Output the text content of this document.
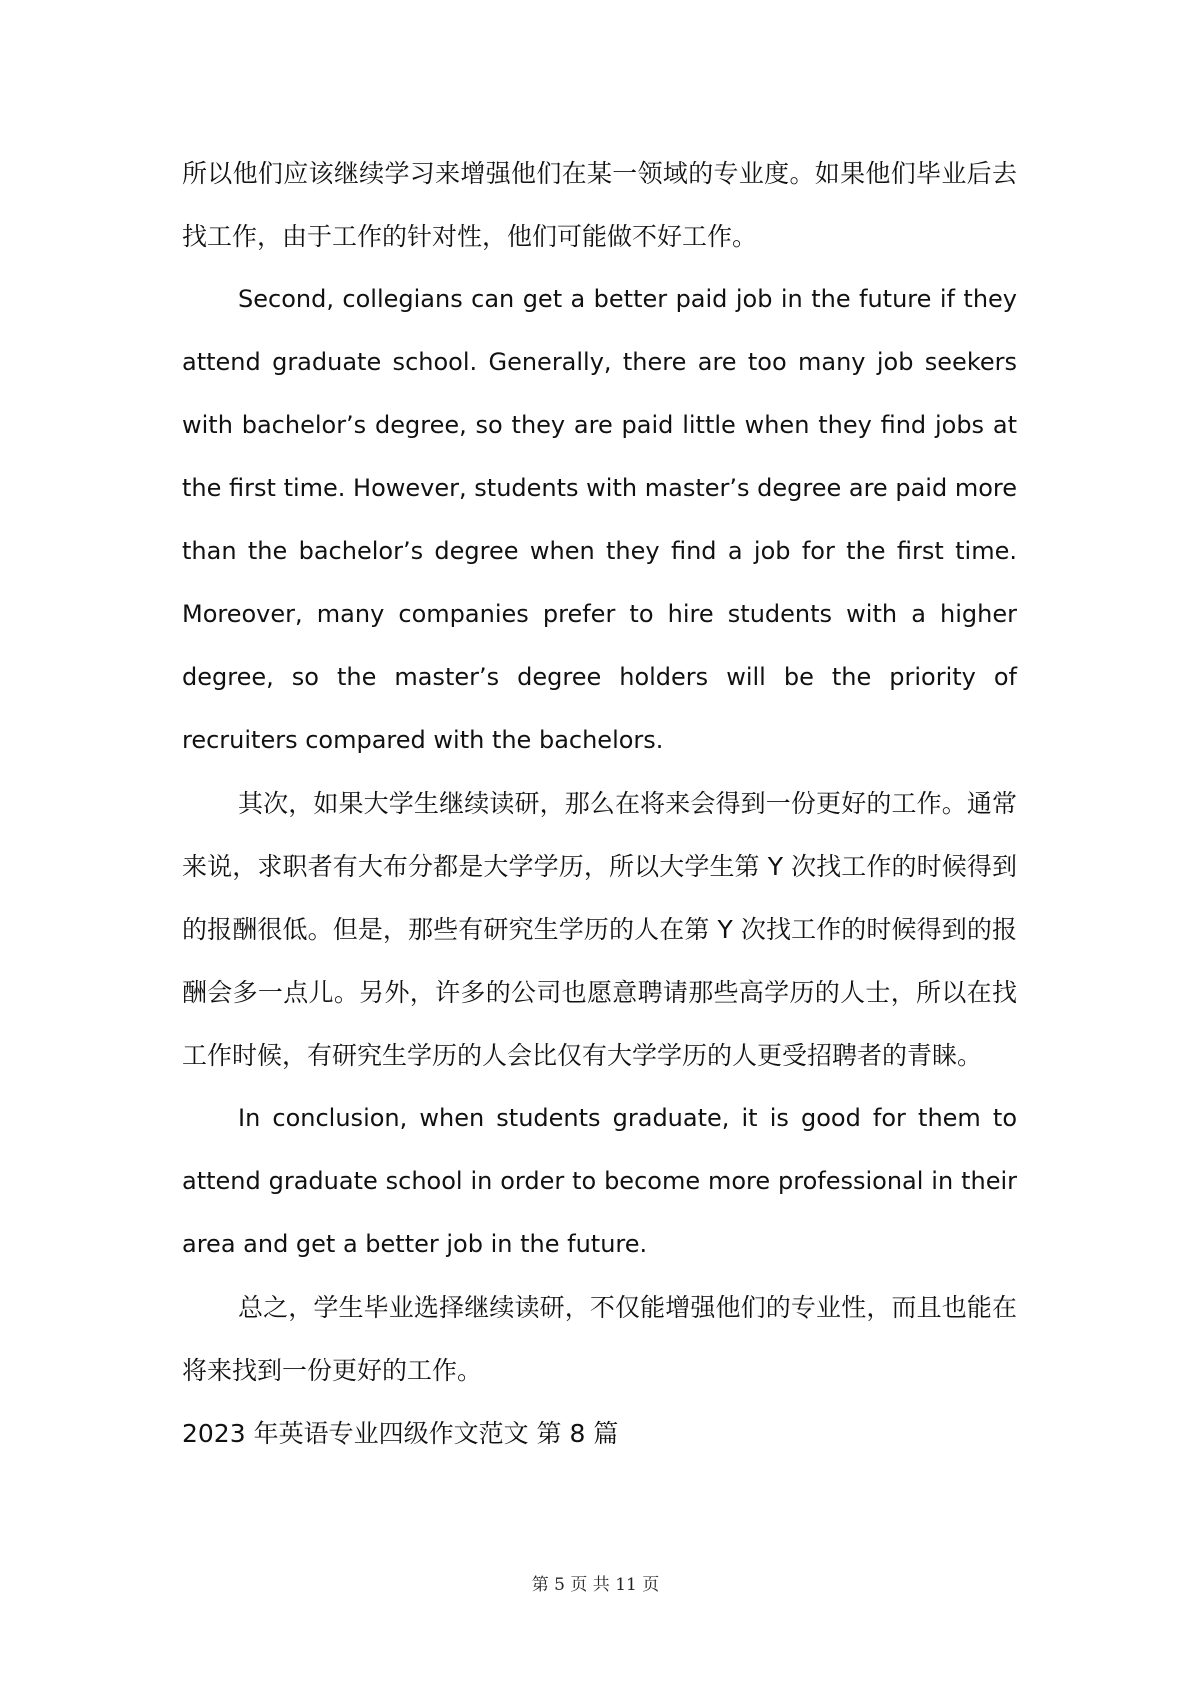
所以他们应该继续学习来增强他们在某一领域的专业度。如果他们毕业后去找工作，由于工作的针对性，他们可能做不好工作。

Second, collegians can get a better paid job in the future if they attend graduate school. Generally, there are too many job seekers with bachelor’s degree, so they are paid little when they find jobs at the first time. However, students with master’s degree are paid more than the bachelor’s degree when they find a job for the first time. Moreover, many companies prefer to hire students with a higher degree, so the master’s degree holders will be the priority of recruiters compared with the bachelors.

其次，如果大学生继续读研，那么在将来会得到一份更好的工作。通常来说，求职者有大布分都是大学学历，所以大学生第 Y 次找工作的时候得到的报酬很低。但是，那些有研究生学历的人在第 Y 次找工作的时候得到的报酬会多一点儿。另外，许多的公司也愿意聘请那些高学历的人士，所以在找工作时候，有研究生学历的人会比仅有大学学历的人更受招聘者的青睐。

In conclusion, when students graduate, it is good for them to attend graduate school in order to become more professional in their area and get a better job in the future.

总之，学生毕业选择继续读研，不仅能增强他们的专业性，而且也能在将来找到一份更好的工作。

2023 年英语专业四级作文范文 第 8 篇

第 5 页 共 11 页
